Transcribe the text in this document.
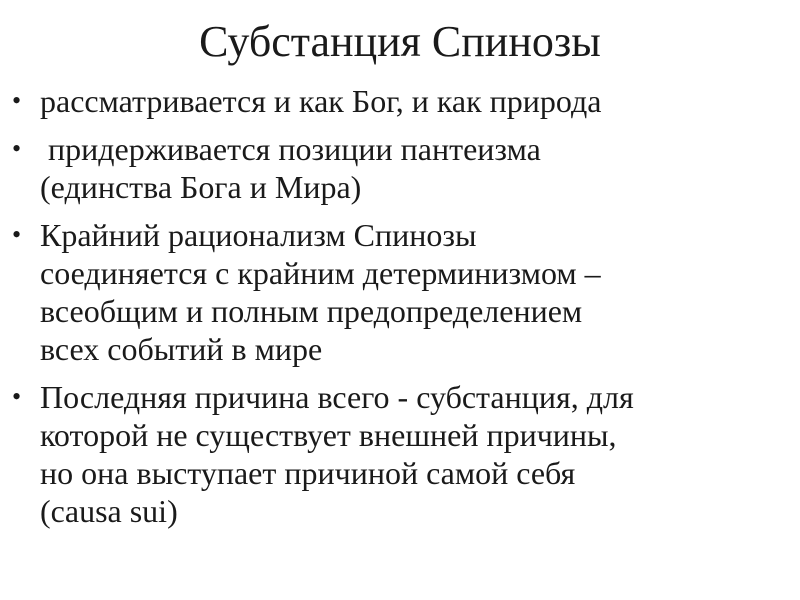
Субстанция Спинозы
• рассматривается и как Бог, и как природа
• придерживается позиции пантеизма
(единства Бога и Мира)
• Крайний рационализм Спинозы
соединяется с крайним детерминизмом –
всеобщим и полным предопределением
всех событий в мире
• Последняя причина всего - субстанция, для
которой не существует внешней причины,
но она выступает причиной самой себя
(causa sui)
